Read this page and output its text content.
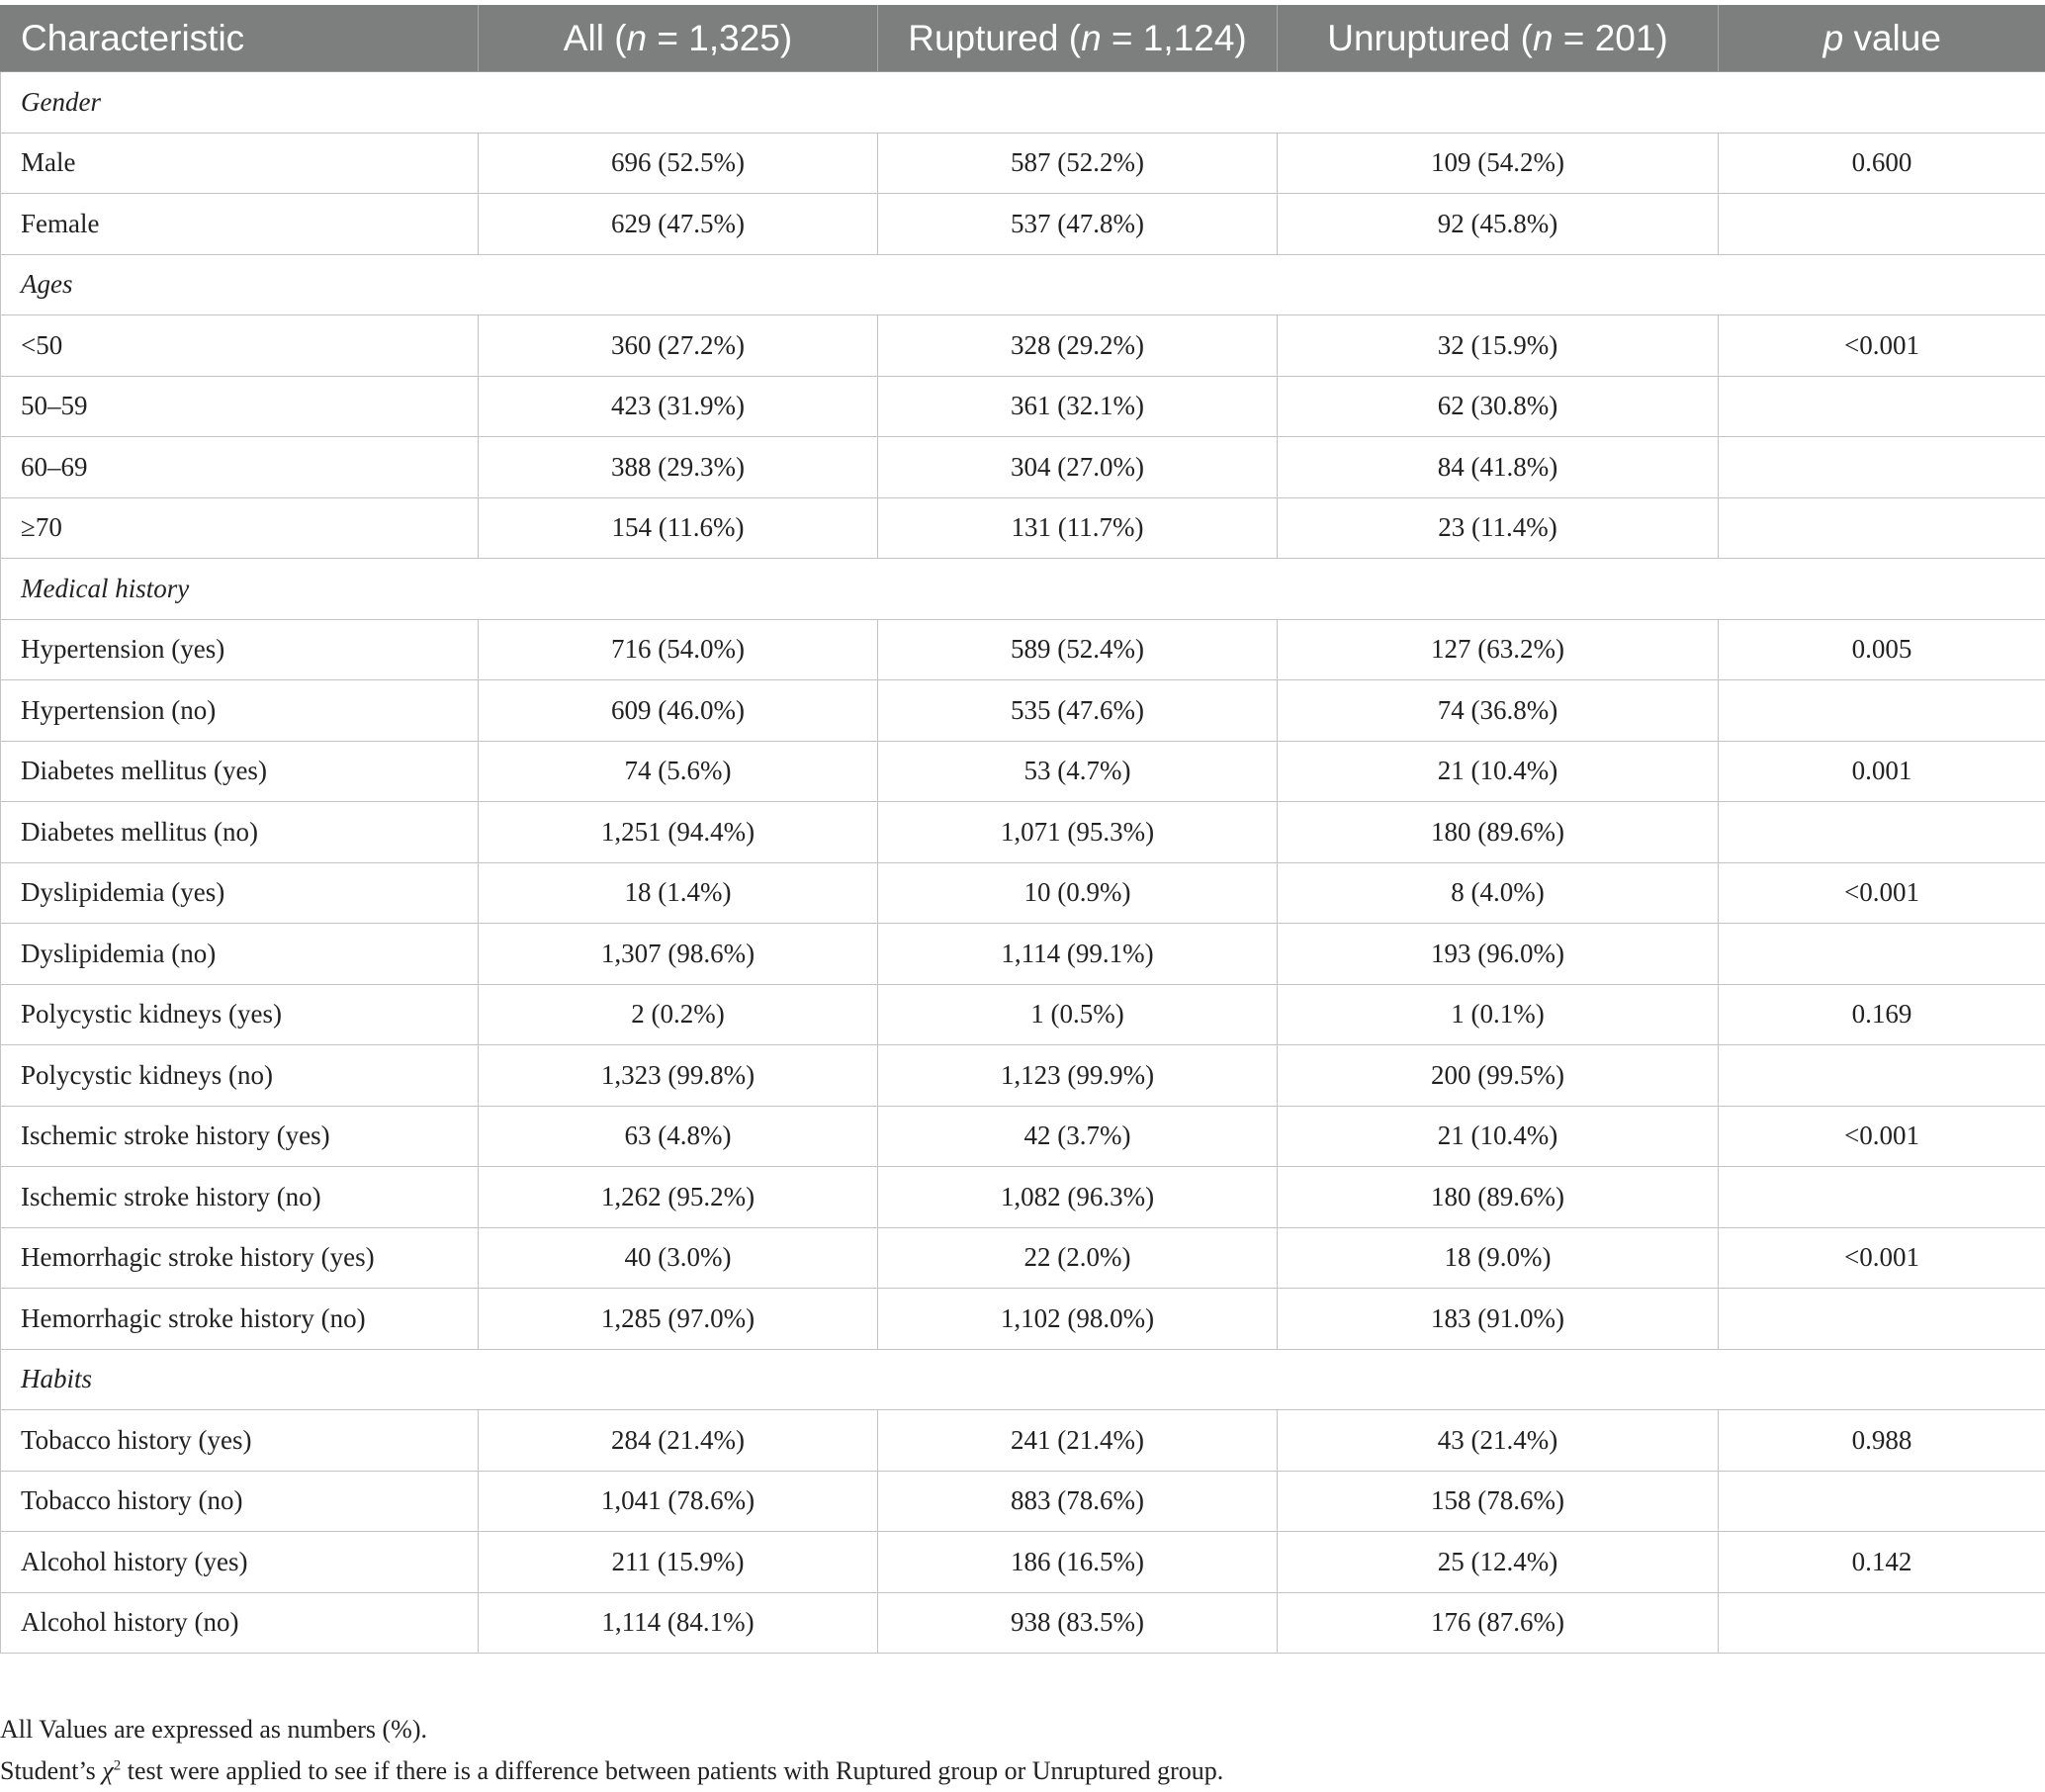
Characteristic	All (n = 1,325)	Ruptured (n = 1,124)	Unruptured (n = 201)	p value
Gender				
Male	696 (52.5%)	587 (52.2%)	109 (54.2%)	0.600
Female	629 (47.5%)	537 (47.8%)	92 (45.8%)	
Ages				
<50	360 (27.2%)	328 (29.2%)	32 (15.9%)	<0.001
50–59	423 (31.9%)	361 (32.1%)	62 (30.8%)	
60–69	388 (29.3%)	304 (27.0%)	84 (41.8%)	
≥70	154 (11.6%)	131 (11.7%)	23 (11.4%)	
Medical history				
Hypertension (yes)	716 (54.0%)	589 (52.4%)	127 (63.2%)	0.005
Hypertension (no)	609 (46.0%)	535 (47.6%)	74 (36.8%)	
Diabetes mellitus (yes)	74 (5.6%)	53 (4.7%)	21 (10.4%)	0.001
Diabetes mellitus (no)	1,251 (94.4%)	1,071 (95.3%)	180 (89.6%)	
Dyslipidemia (yes)	18 (1.4%)	10 (0.9%)	8 (4.0%)	<0.001
Dyslipidemia (no)	1,307 (98.6%)	1,114 (99.1%)	193 (96.0%)	
Polycystic kidneys (yes)	2 (0.2%)	1 (0.5%)	1 (0.1%)	0.169
Polycystic kidneys (no)	1,323 (99.8%)	1,123 (99.9%)	200 (99.5%)	
Ischemic stroke history (yes)	63 (4.8%)	42 (3.7%)	21 (10.4%)	<0.001
Ischemic stroke history (no)	1,262 (95.2%)	1,082 (96.3%)	180 (89.6%)	
Hemorrhagic stroke history (yes)	40 (3.0%)	22 (2.0%)	18 (9.0%)	<0.001
Hemorrhagic stroke history (no)	1,285 (97.0%)	1,102 (98.0%)	183 (91.0%)	
Habits				
Tobacco history (yes)	284 (21.4%)	241 (21.4%)	43 (21.4%)	0.988
Tobacco history (no)	1,041 (78.6%)	883 (78.6%)	158 (78.6%)	
Alcohol history (yes)	211 (15.9%)	186 (16.5%)	25 (12.4%)	0.142
Alcohol history (no)	1,114 (84.1%)	938 (83.5%)	176 (87.6%)	
All Values are expressed as numbers (%).
Student’s $\chi^2$ test were applied to see if there is a difference between patients with Ruptured group or Unruptured group.
